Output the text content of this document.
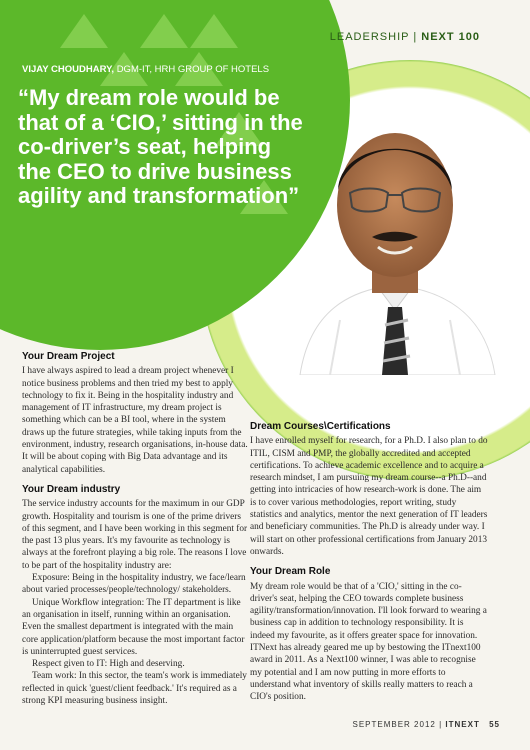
LEADERSHIP | NEXT 100
VIJAY CHOUDHARY, DGM-IT, HRH GROUP OF HOTELS
“My dream role would be that of a ‘CIO,’ sitting in the co-driver’s seat, helping the CEO to drive business agility and transformation”
Your Dream Project

I have always aspired to lead a dream project whenever I notice business problems and then tried my best to apply technology to fix it. Being in the hospitality industry and management of IT infrastructure, my dream project is something which can be a BI tool, where in the system draws up the future strategies, while taking inputs from the environment, industry, research organisations, in-house data. It will be about coping with Big Data advantage and its analytical capabilities.

Your Dream industry

The service industry accounts for the maximum in our GDP growth. Hospitality and tourism is one of the prime drivers of this segment, and I have been working in this segment for the past 13 plus years. It's my favourite as technology is always at the forefront playing a big role. The reasons I love to be part of the hospitality industry are:

Exposure: Being in the hospitality industry, we face/learn about varied processes/people/technology/ stakeholders.

Unique Workflow integration: The IT department is like an organisation in itself, running within an organisation. Even the smallest department is integrated with the main core application/platform because the most important factor is uninterrupted guest services.

Respect given to IT: High and deserving.

Team work: In this sector, the team's work is immediately reflected in quick 'guest/client feedback.' It's required as a strong KPI measuring business insight.

Dream Courses\Certifications

I have enrolled myself for research, for a Ph.D. I also plan to do ITIL, CISM and PMP, the globally accredited and accepted certifications. To achieve academic excellence and to acquire a research mindset, I am pursuing my dream course--a Ph.D--and getting into intricacies of how research-work is done. The aim is to cover various methodologies, report writing, study statistics and analytics, mentor the next generation of IT leaders and beneficiary communities. The Ph.D is already under way. I will start on other professional certifications from January 2013 onwards.

Your Dream Role

My dream role would be that of a 'CIO,' sitting in the co-driver's seat, helping the CEO towards complete business agility/transformation/innovation. I'll look forward to wearing a business cap in addition to technology responsibility. It is indeed my favourite, as it offers greater space for innovation. ITNext has already geared me up by bestowing the ITnext100 award in 2011. As a Next100 winner, I was able to recognise my potential and I am now putting in more efforts to understand what inventory of skills really matters to reach a CIO's position.

SEPTEMBER 2012 | ITNEXT 55
